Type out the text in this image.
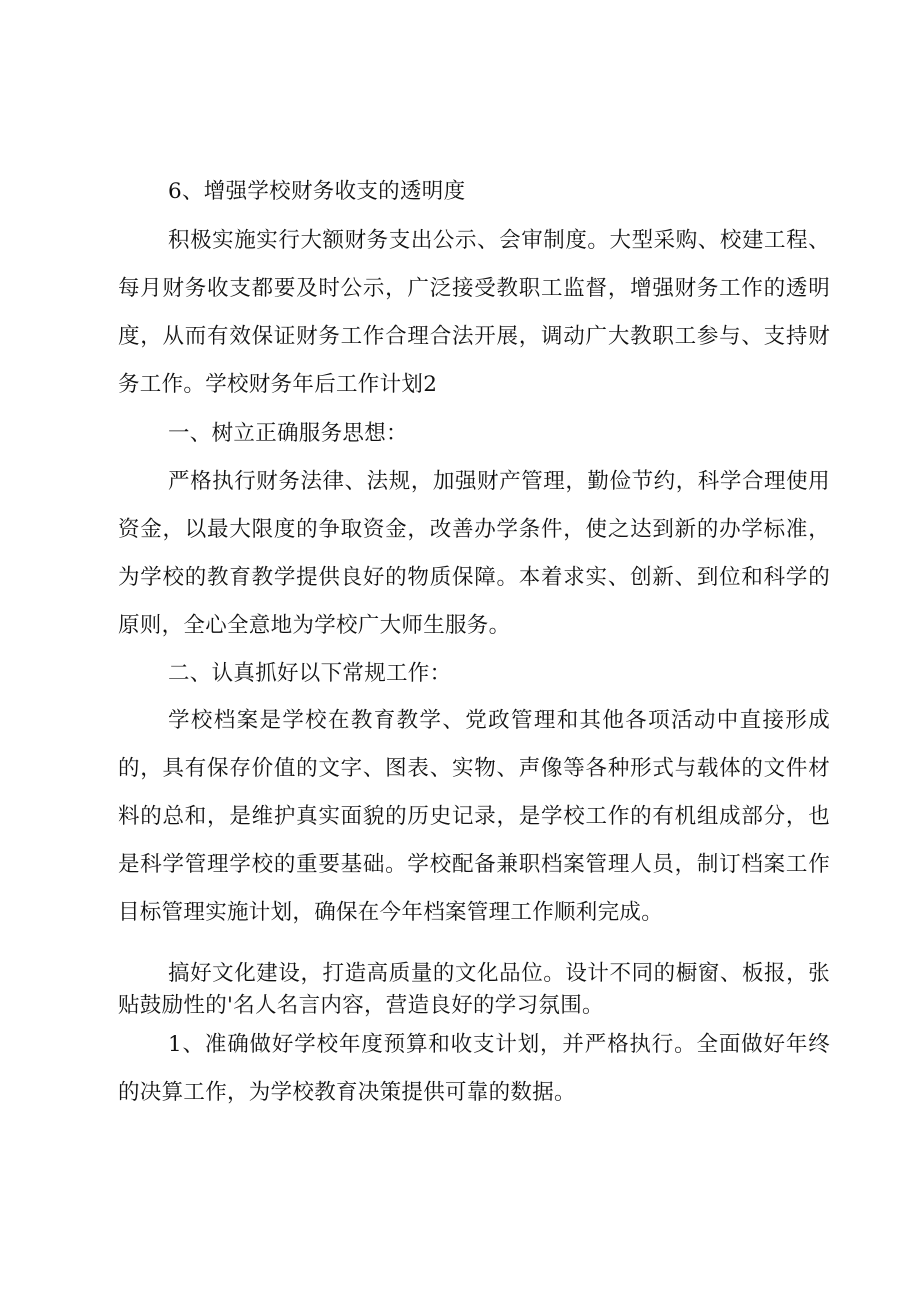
6、增强学校财务收支的透明度

积极实施实行大额财务支出公示、会审制度。大型采购、校建工程、每月财务收支都要及时公示，广泛接受教职工监督，增强财务工作的透明度，从而有效保证财务工作合理合法开展，调动广大教职工参与、支持财务工作。学校财务年后工作计划2

一、树立正确服务思想：

严格执行财务法律、法规，加强财产管理，勤俭节约，科学合理使用资金，以最大限度的争取资金，改善办学条件，使之达到新的办学标准，为学校的教育教学提供良好的物质保障。本着求实、创新、到位和科学的原则，全心全意地为学校广大师生服务。

二、认真抓好以下常规工作：

学校档案是学校在教育教学、党政管理和其他各项活动中直接形成的，具有保存价值的文字、图表、实物、声像等各种形式与载体的文件材料的总和，是维护真实面貌的历史记录，是学校工作的有机组成部分，也是科学管理学校的重要基础。学校配备兼职档案管理人员，制订档案工作目标管理实施计划，确保在今年档案管理工作顺利完成。

搞好文化建设，打造高质量的文化品位。设计不同的橱窗、板报，张贴鼓励性的'名人名言内容，营造良好的学习氛围。

1、准确做好学校年度预算和收支计划，并严格执行。全面做好年终的决算工作，为学校教育决策提供可靠的数据。
